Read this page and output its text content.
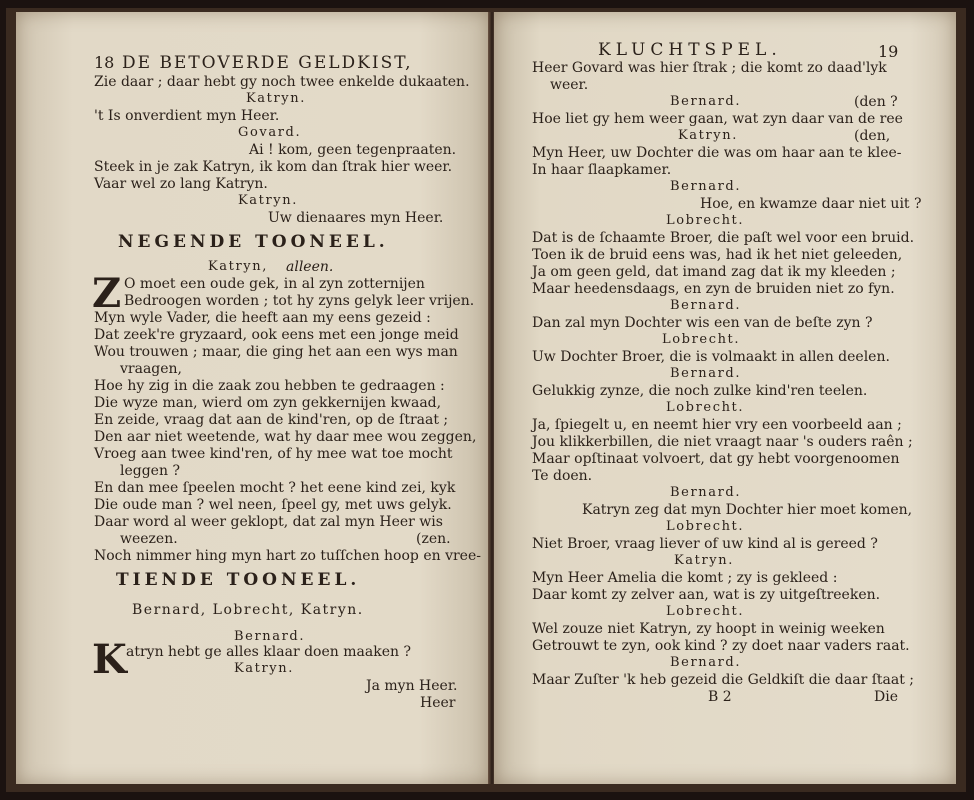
18 DE BETOVERDE GELDKIST,
Zie daar ; daar hebt gy noch twee enkelde dukaaten.
Katryn.
't Is onverdient myn Heer.
Govard.
Ai ! kom, geen tegenpraaten.
Steek in je zak Katryn, ik kom dan ſtrak hier weer.
Vaar wel zo lang Katryn.
Katryn.
Uw dienaares myn Heer.
NEGENDE TOONEEL.
Katryn, alleen.
Z O moet een oude gek, in al zyn zotternijen
Bedroogen worden ; tot hy zyns gelyk leer vrijen.
Myn wyle Vader, die heeft aan my eens gezeid :
Dat zeek're gryzaard, ook eens met een jonge meid
Wou trouwen ; maar, die ging het aan een wys man
vraagen,
Hoe hy zig in die zaak zou hebben te gedraagen :
Die wyze man, wierd om zyn gekkernijen kwaad,
En zeide, vraag dat aan de kind'ren, op de ſtraat ;
Den aar niet weetende, wat hy daar mee wou zeggen,
Vroeg aan twee kind'ren, of hy mee wat toe mocht
leggen ?
En dan mee ſpeelen mocht ? het eene kind zei, kyk
Die oude man ? wel neen, ſpeel gy, met uws gelyk.
Daar word al weer geklopt, dat zal myn Heer wis
weezen.	(zen.
Noch nimmer hing myn hart zo tuſſchen hoop en vree-
TIENDE TOONEEL.
Bernard, Lobrecht, Katryn.
Bernard.
K atryn hebt ge alles klaar doen maaken ?
Katryn.
Ja myn Heer.
Heer
KLUCHTSPEL.	19
Heer Govard was hier ſtrak ; die komt zo daad'lyk
weer.
Bernard.	(den ?
Hoe liet gy hem weer gaan, wat zyn daar van de ree
Katryn.	(den,
Myn Heer, uw Dochter die was om haar aan te klee-
In haar ſlaapkamer.
Bernard.
Hoe, en kwamze daar niet uit ?
Lobrecht.
Dat is de ſchaamte Broer, die paſt wel voor een bruid.
Toen ik de bruid eens was, had ik het niet geleeden,
Ja om geen geld, dat imand zag dat ik my kleeden ;
Maar heedensdaags, en zyn de bruiden niet zo fyn.
Bernard.
Dan zal myn Dochter wis een van de beſte zyn ?
Lobrecht.
Uw Dochter Broer, die is volmaakt in allen deelen.
Bernard.
Gelukkig zynze, die noch zulke kind'ren teelen.
Lobrecht.
Ja, ſpiegelt u, en neemt hier vry een voorbeeld aan ;
Jou klikkerbillen, die niet vraagt naar 's ouders raên ;
Maar opſtinaat volvoert, dat gy hebt voorgenoomen
Te doen.
Bernard.
Katryn zeg dat myn Dochter hier moet komen,
Lobrecht.
Niet Broer, vraag liever of uw kind al is gereed ?
Katryn.
Myn Heer Amelia die komt ; zy is gekleed :
Daar komt zy zelver aan, wat is zy uitgeſtreeken.
Lobrecht.
Wel zouze niet Katryn, zy hoopt in weinig weeken
Getrouwt te zyn, ook kind ? zy doet naar vaders raat.
Bernard.
Maar Zuſter 'k heb gezeid die Geldkiſt die daar ſtaat ;
B 2	Die
